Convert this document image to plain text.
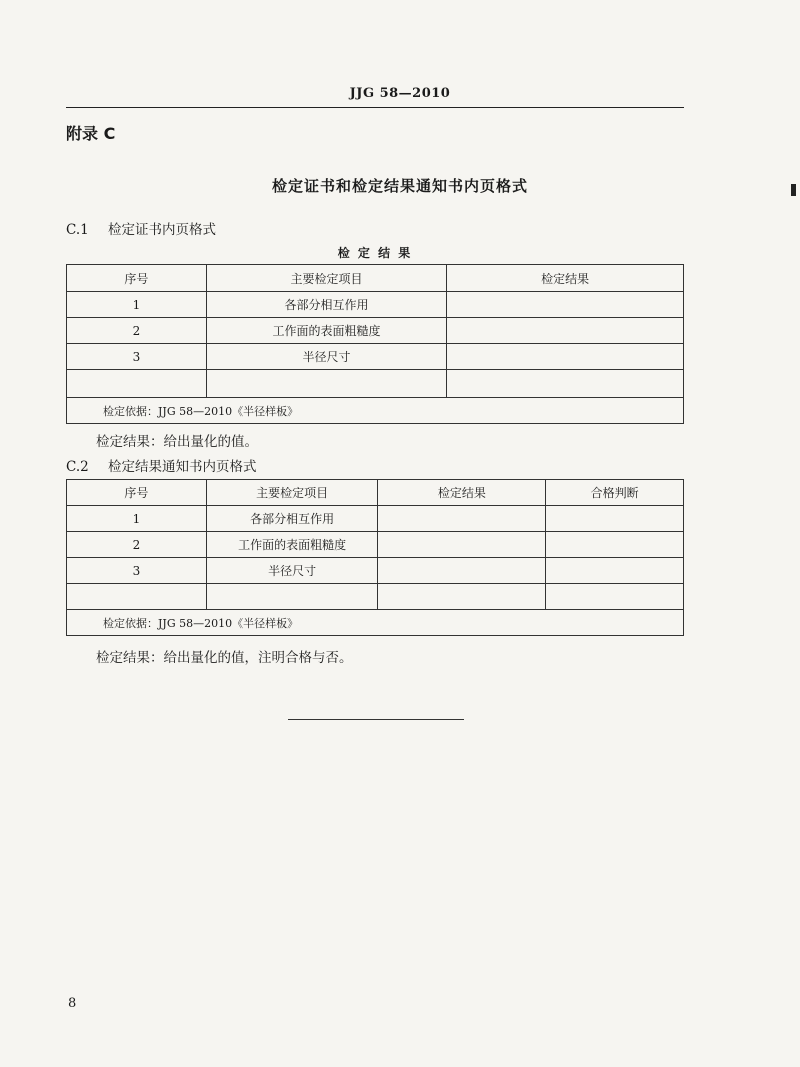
JJG 58—2010
附录 C
检定证书和检定结果通知书内页格式
C.1 检定证书内页格式
检 定 结 果
序号	主要检定项目	检定结果
1	各部分相互作用	
2	工作面的表面粗糙度	
3	半径尺寸	

检定依据：JJG 58—2010《半径样板》		
检定结果：给出量化的值。
C.2 检定结果通知书内页格式
序号	主要检定项目	检定结果	合格判断
1	各部分相互作用		
2	工作面的表面粗糙度		
3	半径尺寸		

检定依据：JJG 58—2010《半径样板》			
检定结果：给出量化的值，注明合格与否。
8
